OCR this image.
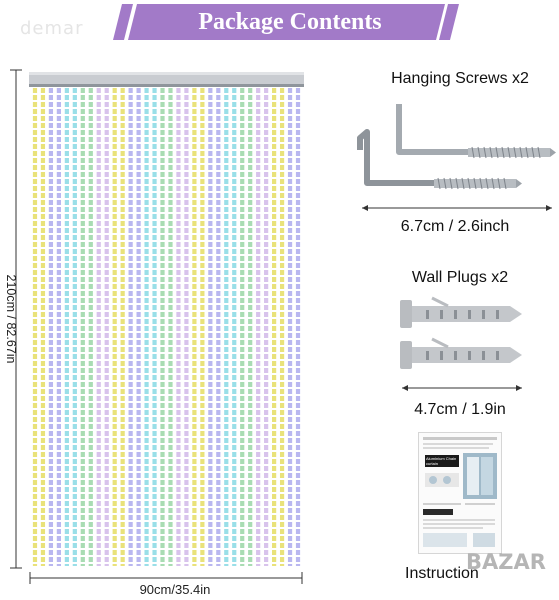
Package Contents
demar
210cm / 82.67in
90cm/35.4in
Hanging Screws x2
6.7cm / 2.6inch
Wall Plugs x2
4.7cm / 1.9in
Aluminium Chain curtain
Instruction
BAZAR
